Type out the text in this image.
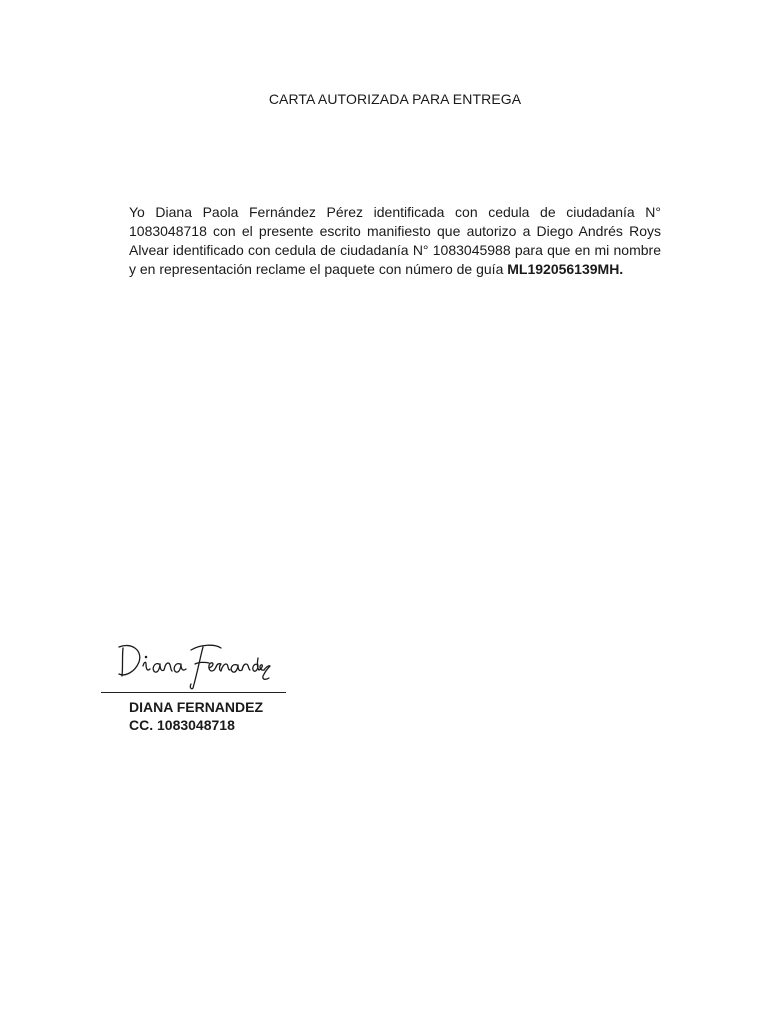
CARTA AUTORIZADA PARA ENTREGA

Yo Diana Paola Fernández Pérez identificada con cedula de ciudadanía N° 1083048718 con el presente escrito manifiesto que autorizo a Diego Andrés Roys Alvear identificado con cedula de ciudadanía N° 1083045988 para que en mi nombre y en representación reclame el paquete con número de guía ML192056139MH.

DIANA FERNANDEZ
CC. 1083048718
